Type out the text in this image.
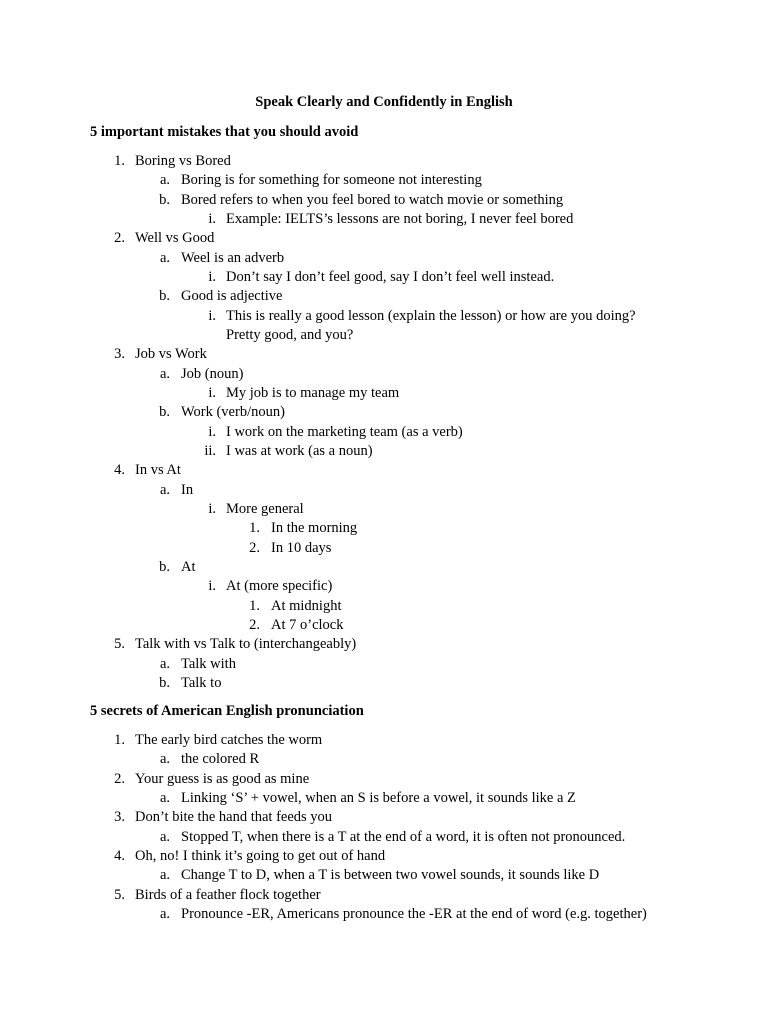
Speak Clearly and Confidently in English
5 important mistakes that you should avoid
1. Boring vs Bored
a. Boring is for something for someone not interesting
b. Bored refers to when you feel bored to watch movie or something
i. Example: IELTS’s lessons are not boring, I never feel bored
2. Well vs Good
a. Weel is an adverb
i. Don’t say I don’t feel good, say I don’t feel well instead.
b. Good is adjective
i. This is really a good lesson (explain the lesson) or how are you doing? Pretty good, and you?
3. Job vs Work
a. Job (noun)
i. My job is to manage my team
b. Work (verb/noun)
i. I work on the marketing team (as a verb)
ii. I was at work (as a noun)
4. In vs At
a. In
i. More general
1. In the morning
2. In 10 days
b. At
i. At (more specific)
1. At midnight
2. At 7 o’clock
5. Talk with vs Talk to (interchangeably)
a. Talk with
b. Talk to
5 secrets of American English pronunciation
1. The early bird catches the worm
a. the colored R
2. Your guess is as good as mine
a. Linking ‘S’ + vowel, when an S is before a vowel, it sounds like a Z
3. Don’t bite the hand that feeds you
a. Stopped T, when there is a T at the end of a word, it is often not pronounced.
4. Oh, no! I think it’s going to get out of hand
a. Change T to D, when a T is between two vowel sounds, it sounds like D
5. Birds of a feather flock together
a. Pronounce -ER, Americans pronounce the -ER at the end of word (e.g. together)
